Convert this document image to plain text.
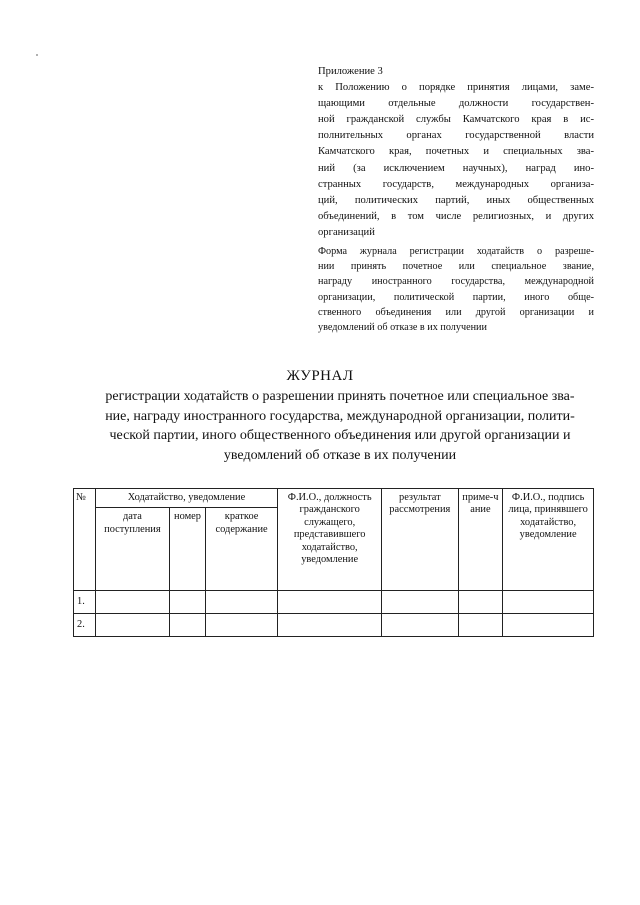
Приложение 3
к Положению о порядке принятия лицами, заме-
щающими отдельные должности государствен-
ной гражданской службы Камчатского края в ис-
полнительных органах государственной власти
Камчатского края, почетных и специальных зва-
ний (за исключением научных), наград ино-
странных государств, международных организа-
ций, политических партий, иных общественных
объединений, в том числе религиозных, и других
организаций
Форма журнала регистрации ходатайств о разреше-
нии принять почетное или специальное звание,
награду иностранного государства, международной
организации, политической партии, иного обще-
ственного объединения или другой организации и
уведомлений об отказе в их получении
ЖУРНАЛ
регистрации ходатайств о разрешении принять почетное или специальное зва-
ние, награду иностранного государства, международной организации, полити-
ческой партии, иного общественного объединения или другой организации и
уведомлений об отказе в их получении
№	Ходатайство, уведомление			Ф.И.О., должность гражданского служащего, представившего ходатайство, уведомление	результат рассмотрения	приме-чание	Ф.И.О., подпись лица, принявшего ходатайство, уведомление
	дата поступления	номер	краткое содержание				
1.							
2.							
